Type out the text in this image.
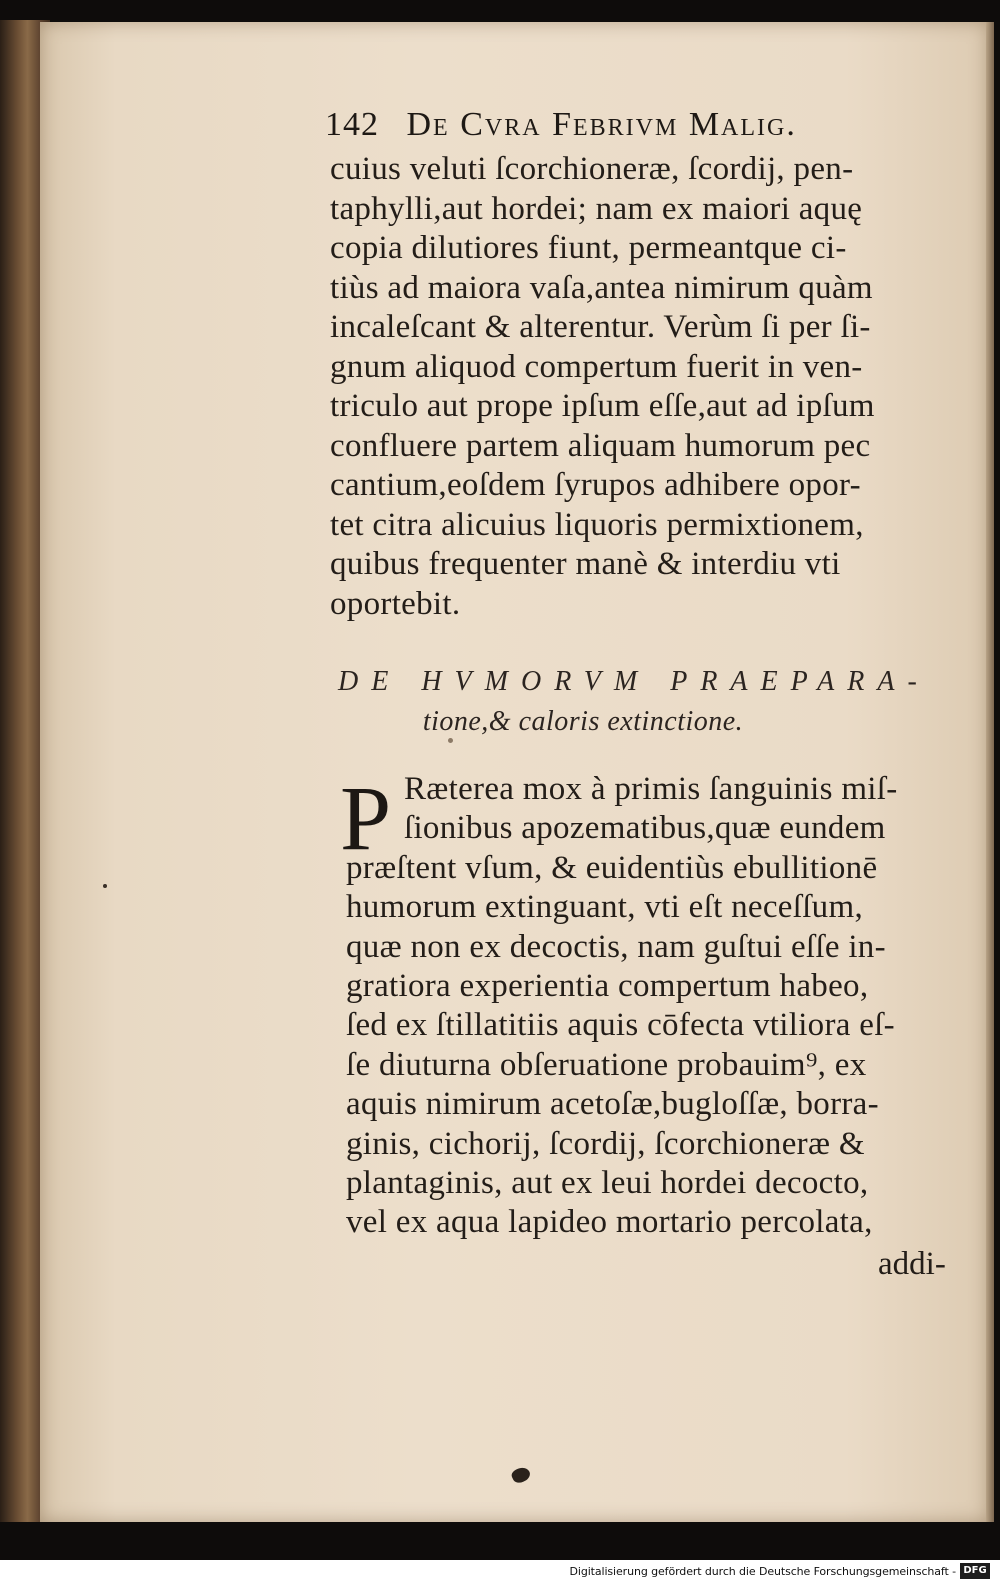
142 De Cvra Febrivm Malig.
cuius veluti ſcorchioneræ, ſcordij, pen-
taphylli,aut hordei; nam ex maiori aquę
copia dilutiores fiunt, permeantque ci-
tiùs ad maiora vaſa,antea nimirum quàm
incaleſcant & alterentur. Verùm ſi per ſi-
gnum aliquod compertum fuerit in ven-
triculo aut prope ipſum eſſe,aut ad ipſum
confluere partem aliquam humorum pec
cantium,eoſdem ſyrupos adhibere opor-
tet citra alicuius liquoris permixtionem,
quibus frequenter manè & interdiu vti
oportebit.
DE HVMORVM PRAEPARA-
tione,& caloris extinctione.
P Ræterea mox à primis ſanguinis miſ-
ſionibus apozematibus,quæ eundem
præſtent vſum, & euidentiùs ebullitionē
humorum extinguant, vti eſt neceſſum,
quæ non ex decoctis, nam guſtui eſſe in-
gratiora experientia compertum habeo,
ſed ex ſtillatitiis aquis cōfecta vtiliora eſ-
ſe diuturna obſeruatione probauim⁹, ex
aquis nimirum acetoſæ,bugloſſæ, borra-
ginis, cichorij, ſcordij, ſcorchioneræ &
plantaginis, aut ex leui hordei decocto,
vel ex aqua lapideo mortario percolata,
addi-
Digitalisierung gefördert durch die Deutsche Forschungsgemeinschaft - DFG
